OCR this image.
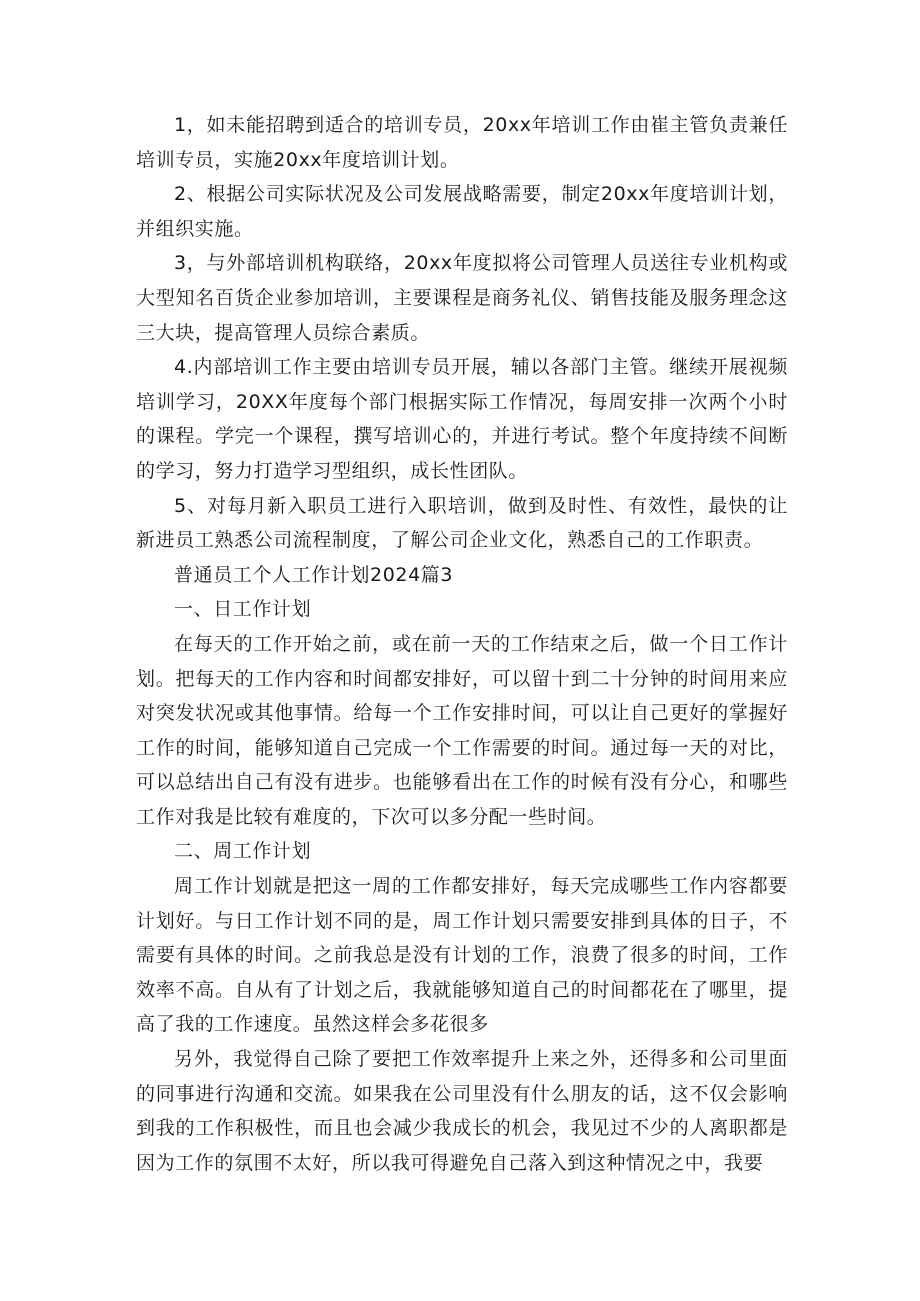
1，如未能招聘到适合的培训专员，20xx年培训工作由崔主管负责兼任培训专员，实施20xx年度培训计划。

2、根据公司实际状况及公司发展战略需要，制定20xx年度培训计划，并组织实施。

3，与外部培训机构联络，20xx年度拟将公司管理人员送往专业机构或大型知名百货企业参加培训，主要课程是商务礼仪、销售技能及服务理念这三大块，提高管理人员综合素质。

4.内部培训工作主要由培训专员开展，辅以各部门主管。继续开展视频培训学习，20XX年度每个部门根据实际工作情况，每周安排一次两个小时的课程。学完一个课程，撰写培训心的，并进行考试。整个年度持续不间断的学习，努力打造学习型组织，成长性团队。

5、对每月新入职员工进行入职培训，做到及时性、有效性，最快的让新进员工熟悉公司流程制度，了解公司企业文化，熟悉自己的工作职责。

普通员工个人工作计划2024篇3

一、日工作计划

在每天的工作开始之前，或在前一天的工作结束之后，做一个日工作计划。把每天的工作内容和时间都安排好，可以留十到二十分钟的时间用来应对突发状况或其他事情。给每一个工作安排时间，可以让自己更好的掌握好工作的时间，能够知道自己完成一个工作需要的时间。通过每一天的对比，可以总结出自己有没有进步。也能够看出在工作的时候有没有分心，和哪些工作对我是比较有难度的，下次可以多分配一些时间。

二、周工作计划

周工作计划就是把这一周的工作都安排好，每天完成哪些工作内容都要计划好。与日工作计划不同的是，周工作计划只需要安排到具体的日子，不需要有具体的时间。之前我总是没有计划的工作，浪费了很多的时间，工作效率不高。自从有了计划之后，我就能够知道自己的时间都花在了哪里，提高了我的工作速度。虽然这样会多花很多

另外，我觉得自己除了要把工作效率提升上来之外，还得多和公司里面的同事进行沟通和交流。如果我在公司里没有什么朋友的话，这不仅会影响到我的工作积极性，而且也会减少我成长的机会，我见过不少的人离职都是因为工作的氛围不太好，所以我可得避免自己落入到这种情况之中，我要
